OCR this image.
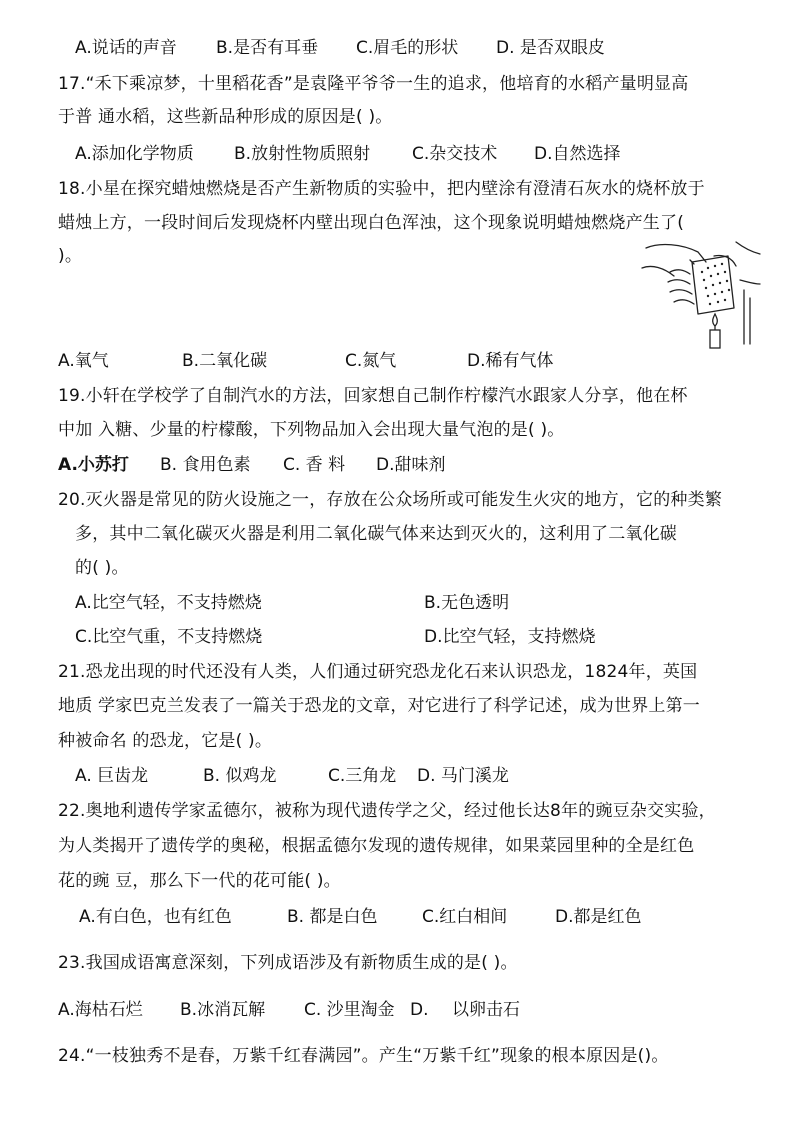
A.说话的声音 B.是否有耳垂 C.眉毛的形状 D. 是否双眼皮
17.“禾下乘凉梦，十里稻花香”是袁隆平爷爷一生的追求，他培育的水稻产量明显高
于普 通水稻，这些新品种形成的原因是( )。
A.添加化学物质 B.放射性物质照射 C.杂交技术 D.自然选择
18.小星在探究蜡烛燃烧是否产生新物质的实验中，把内壁涂有澄清石灰水的烧杯放于
蜡烛上方，一段时间后发现烧杯内壁出现白色浑浊，这个现象说明蜡烛燃烧产生了(
)。
A.氧气	B.二氧化碳	C.氮气	D.稀有气体
19.小轩在学校学了自制汽水的方法，回家想自己制作柠檬汽水跟家人分享，他在杯
中加 入糖、少量的柠檬酸，下列物品加入会出现大量气泡的是( )。
A.小苏打 B. 食用色素 C. 香 料 D.甜味剂
20.灭火器是常见的防火设施之一，存放在公众场所或可能发生火灾的地方，它的种类繁
多，其中二氧化碳灭火器是利用二氧化碳气体来达到灭火的，这利用了二氧化碳
的( )。
A.比空气轻，不支持燃烧	B.无色透明
C.比空气重，不支持燃烧	D.比空气轻，支持燃烧
21.恐龙出现的时代还没有人类，人们通过研究恐龙化石来认识恐龙，1824年，英国
地质 学家巴克兰发表了一篇关于恐龙的文章，对它进行了科学记述，成为世界上第一
种被命名 的恐龙，它是( )。
A. 巨齿龙	B. 似鸡龙	C.三角龙 D. 马门溪龙
22.奥地利遗传学家孟德尔，被称为现代遗传学之父，经过他长达8年的豌豆杂交实验，
为人类揭开了遗传学的奥秘，根据孟德尔发现的遗传规律，如果菜园里种的全是红色
花的豌 豆，那么下一代的花可能( )。
A.有白色，也有红色	B. 都是白色	C.红白相间	D.都是红色
23.我国成语寓意深刻，下列成语涉及有新物质生成的是( )。
A.海枯石烂 B.冰消瓦解 C. 沙里淘金 D. 以卵击石
24.“一枝独秀不是春，万紫千红春满园”。产生“万紫千红”现象的根本原因是()。
